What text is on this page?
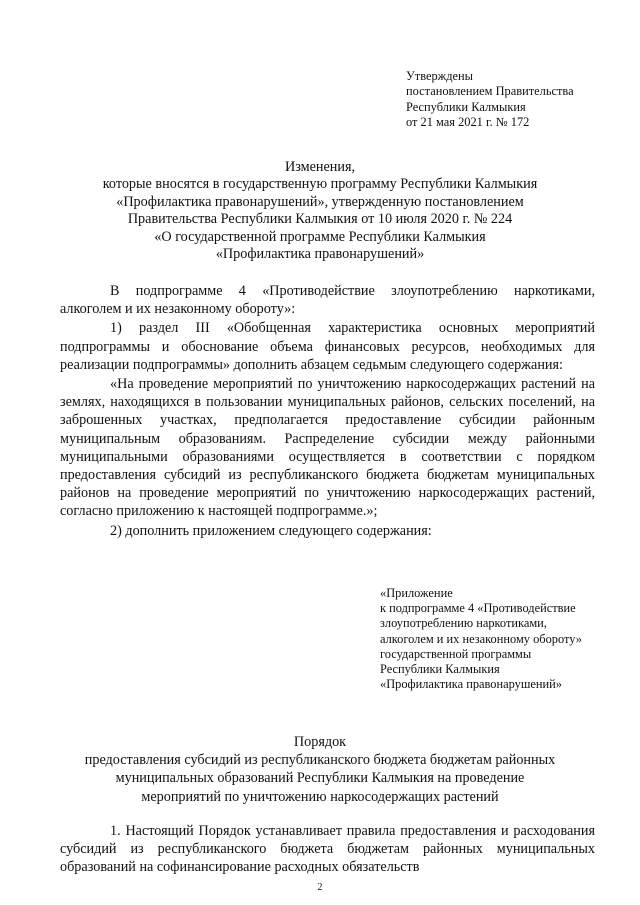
Утверждены
постановлением Правительства
Республики Калмыкия
от 21 мая 2021 г. № 172
Изменения,
которые вносятся в государственную программу Республики Калмыкия
«Профилактика правонарушений», утвержденную постановлением
Правительства Республики Калмыкия от 10 июля 2020 г. № 224
«О государственной программе Республики Калмыкия
«Профилактика правонарушений»

В подпрограмме 4 «Противодействие злоупотреблению наркотиками, алкоголем и их незаконному обороту»:

1) раздел III «Обобщенная характеристика основных мероприятий подпрограммы и обоснование объема финансовых ресурсов, необходимых для реализации подпрограммы» дополнить абзацем седьмым следующего содержания:

«На проведение мероприятий по уничтожению наркосодержащих растений на землях, находящихся в пользовании муниципальных районов, сельских поселений, на заброшенных участках, предполагается предоставление субсидии районным муниципальным образованиям. Распределение субсидии между районными муниципальными образованиями осуществляется в соответствии с порядком предоставления субсидий из республиканского бюджета бюджетам муниципальных районов на проведение мероприятий по уничтожению наркосодержащих растений, согласно приложению к настоящей подпрограмме.»;

2) дополнить приложением следующего содержания:

«Приложение
к подпрограмме 4 «Противодействие
злоупотреблению наркотиками,
алкоголем и их незаконному обороту»
государственной программы
Республики Калмыкия
«Профилактика правонарушений»
Порядок
предоставления субсидий из республиканского бюджета бюджетам районных
муниципальных образований Республики Калмыкия на проведение
мероприятий по уничтожению наркосодержащих растений

1. Настоящий Порядок устанавливает правила предоставления и расходования субсидий из республиканского бюджета бюджетам районных муниципальных образований на софинансирование расходных обязательств

2
